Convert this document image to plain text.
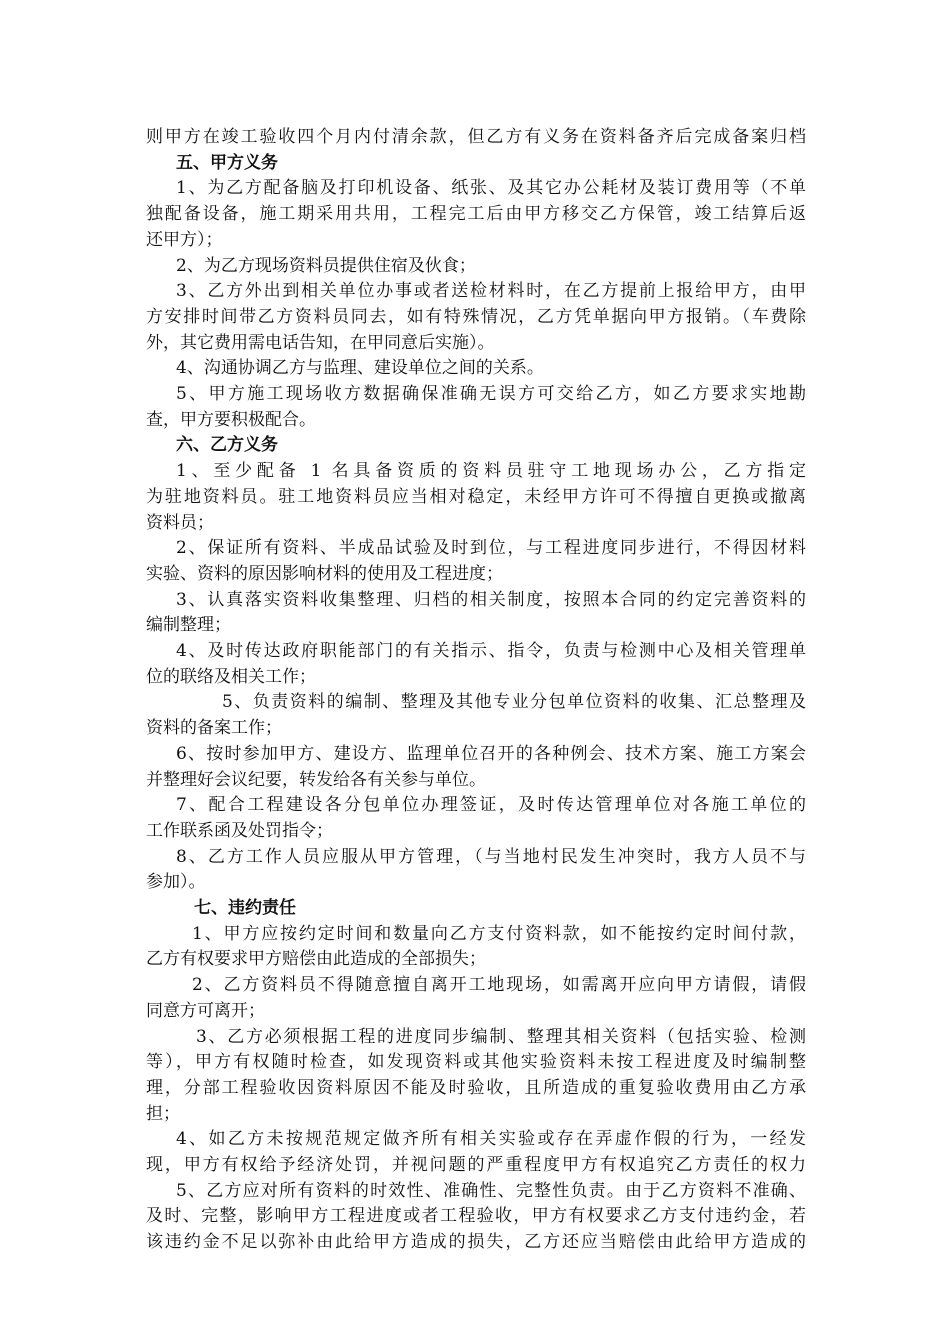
则甲方在竣工验收四个月内付清余款，但乙方有义务在资料备齐后完成备案归档
五、甲方义务
1、为乙方配备脑及打印机设备、纸张、及其它办公耗材及装订费用等（不单
独配备设备，施工期采用共用，工程完工后由甲方移交乙方保管，竣工结算后返
还甲方）；
2、为乙方现场资料员提供住宿及伙食；
3、乙方外出到相关单位办事或者送检材料时，在乙方提前上报给甲方，由甲
方安排时间带乙方资料员同去，如有特殊情况，乙方凭单据向甲方报销。（车费除
外，其它费用需电话告知，在甲同意后实施）。
4、沟通协调乙方与监理、建设单位之间的关系。
5、甲方施工现场收方数据确保准确无误方可交给乙方，如乙方要求实地勘
查，甲方要积极配合。
六、乙方义务
1、至少配备 1 名具备资质的资料员驻守工地现场办公，乙方指定
为驻地资料员。驻工地资料员应当相对稳定，未经甲方许可不得擅自更换或撤离
资料员；
2、保证所有资料、半成品试验及时到位，与工程进度同步进行，不得因材料
实验、资料的原因影响材料的使用及工程进度；
3、认真落实资料收集整理、归档的相关制度，按照本合同的约定完善资料的
编制整理；
4、及时传达政府职能部门的有关指示、指令，负责与检测中心及相关管理单
位的联络及相关工作；
5、负责资料的编制、整理及其他专业分包单位资料的收集、汇总整理及
资料的备案工作；
6、按时参加甲方、建设方、监理单位召开的各种例会、技术方案、施工方案会
并整理好会议纪要，转发给各有关参与单位。
7、配合工程建设各分包单位办理签证，及时传达管理单位对各施工单位的
工作联系函及处罚指令；
8、乙方工作人员应服从甲方管理，（与当地村民发生冲突时，我方人员不与
参加）。
七、违约责任
1、甲方应按约定时间和数量向乙方支付资料款，如不能按约定时间付款，
乙方有权要求甲方赔偿由此造成的全部损失；
2、乙方资料员不得随意擅自离开工地现场，如需离开应向甲方请假，请假
同意方可离开；
3、乙方必须根据工程的进度同步编制、整理其相关资料（包括实验、检测
等），甲方有权随时检查，如发现资料或其他实验资料未按工程进度及时编制整
理，分部工程验收因资料原因不能及时验收，且所造成的重复验收费用由乙方承
担；
4、如乙方未按规范规定做齐所有相关实验或存在弄虚作假的行为，一经发
现，甲方有权给予经济处罚，并视问题的严重程度甲方有权追究乙方责任的权力
5、乙方应对所有资料的时效性、准确性、完整性负责。由于乙方资料不准确、
及时、完整，影响甲方工程进度或者工程验收，甲方有权要求乙方支付违约金，若
该违约金不足以弥补由此给甲方造成的损失，乙方还应当赔偿由此给甲方造成的
